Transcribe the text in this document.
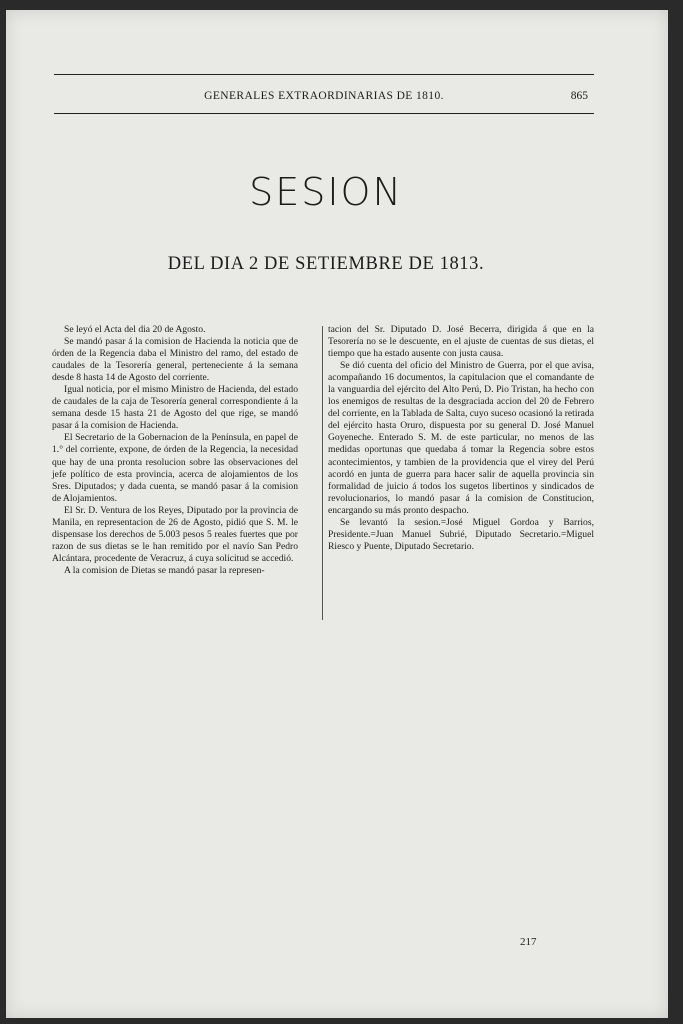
GENERALES EXTRAORDINARIAS DE 1810.	865
SESION
DEL DIA 2 DE SETIEMBRE DE 1813.

Se leyó el Acta del dia 20 de Agosto.

Se mandó pasar á la comision de Hacienda la noticia que de órden de la Regencia daba el Ministro del ramo, del estado de caudales de la Tesorería general, perteneciente á la semana desde 8 hasta 14 de Agosto del corriente.

Igual noticia, por el mismo Ministro de Hacienda, del estado de caudales de la caja de Tesorería general correspondiente á la semana desde 15 hasta 21 de Agosto del que rige, se mandó pasar á la comision de Hacienda.

El Secretario de la Gobernacion de la Península, en papel de 1.° del corriente, expone, de órden de la Regencia, la necesidad que hay de una pronta resolucion sobre las observaciones del jefe político de esta provincia, acerca de alojamientos de los Sres. Diputados; y dada cuenta, se mandó pasar á la comision de Alojamientos.

El Sr. D. Ventura de los Reyes, Diputado por la provincia de Manila, en representacion de 26 de Agosto, pidió que S. M. le dispensase los derechos de 5.003 pesos 5 reales fuertes que por razon de sus dietas se le han remitido por el navío San Pedro Alcántara, procedente de Veracruz, á cuya solicitud se accedió.

A la comision de Dietas se mandó pasar la represen-

tacion del Sr. Diputado D. José Becerra, dirigida á que en la Tesorería no se le descuente, en el ajuste de cuentas de sus dietas, el tiempo que ha estado ausente con justa causa.

Se dió cuenta del oficio del Ministro de Guerra, por el que avisa, acompañando 16 documentos, la capitulacion que el comandante de la vanguardia del ejército del Alto Perú, D. Pio Tristan, ha hecho con los enemigos de resultas de la desgraciada accion del 20 de Febrero del corriente, en la Tablada de Salta, cuyo suceso ocasionó la retirada del ejército hasta Oruro, dispuesta por su general D. José Manuel Goyeneche. Enterado S. M. de este particular, no menos de las medidas oportunas que quedaba á tomar la Regencia sobre estos acontecimientos, y tambien de la providencia que el virey del Perú acordó en junta de guerra para hacer salir de aquella provincia sin formalidad de juicio á todos los sugetos libertinos y sindicados de revolucionarios, lo mandó pasar á la comision de Constitucion, encargando su más pronto despacho.

Se levantó la sesion.=José Miguel Gordoa y Barrios, Presidente.=Juan Manuel Subrié, Diputado Secretario.=Miguel Riesco y Puente, Diputado Secretario.

217
